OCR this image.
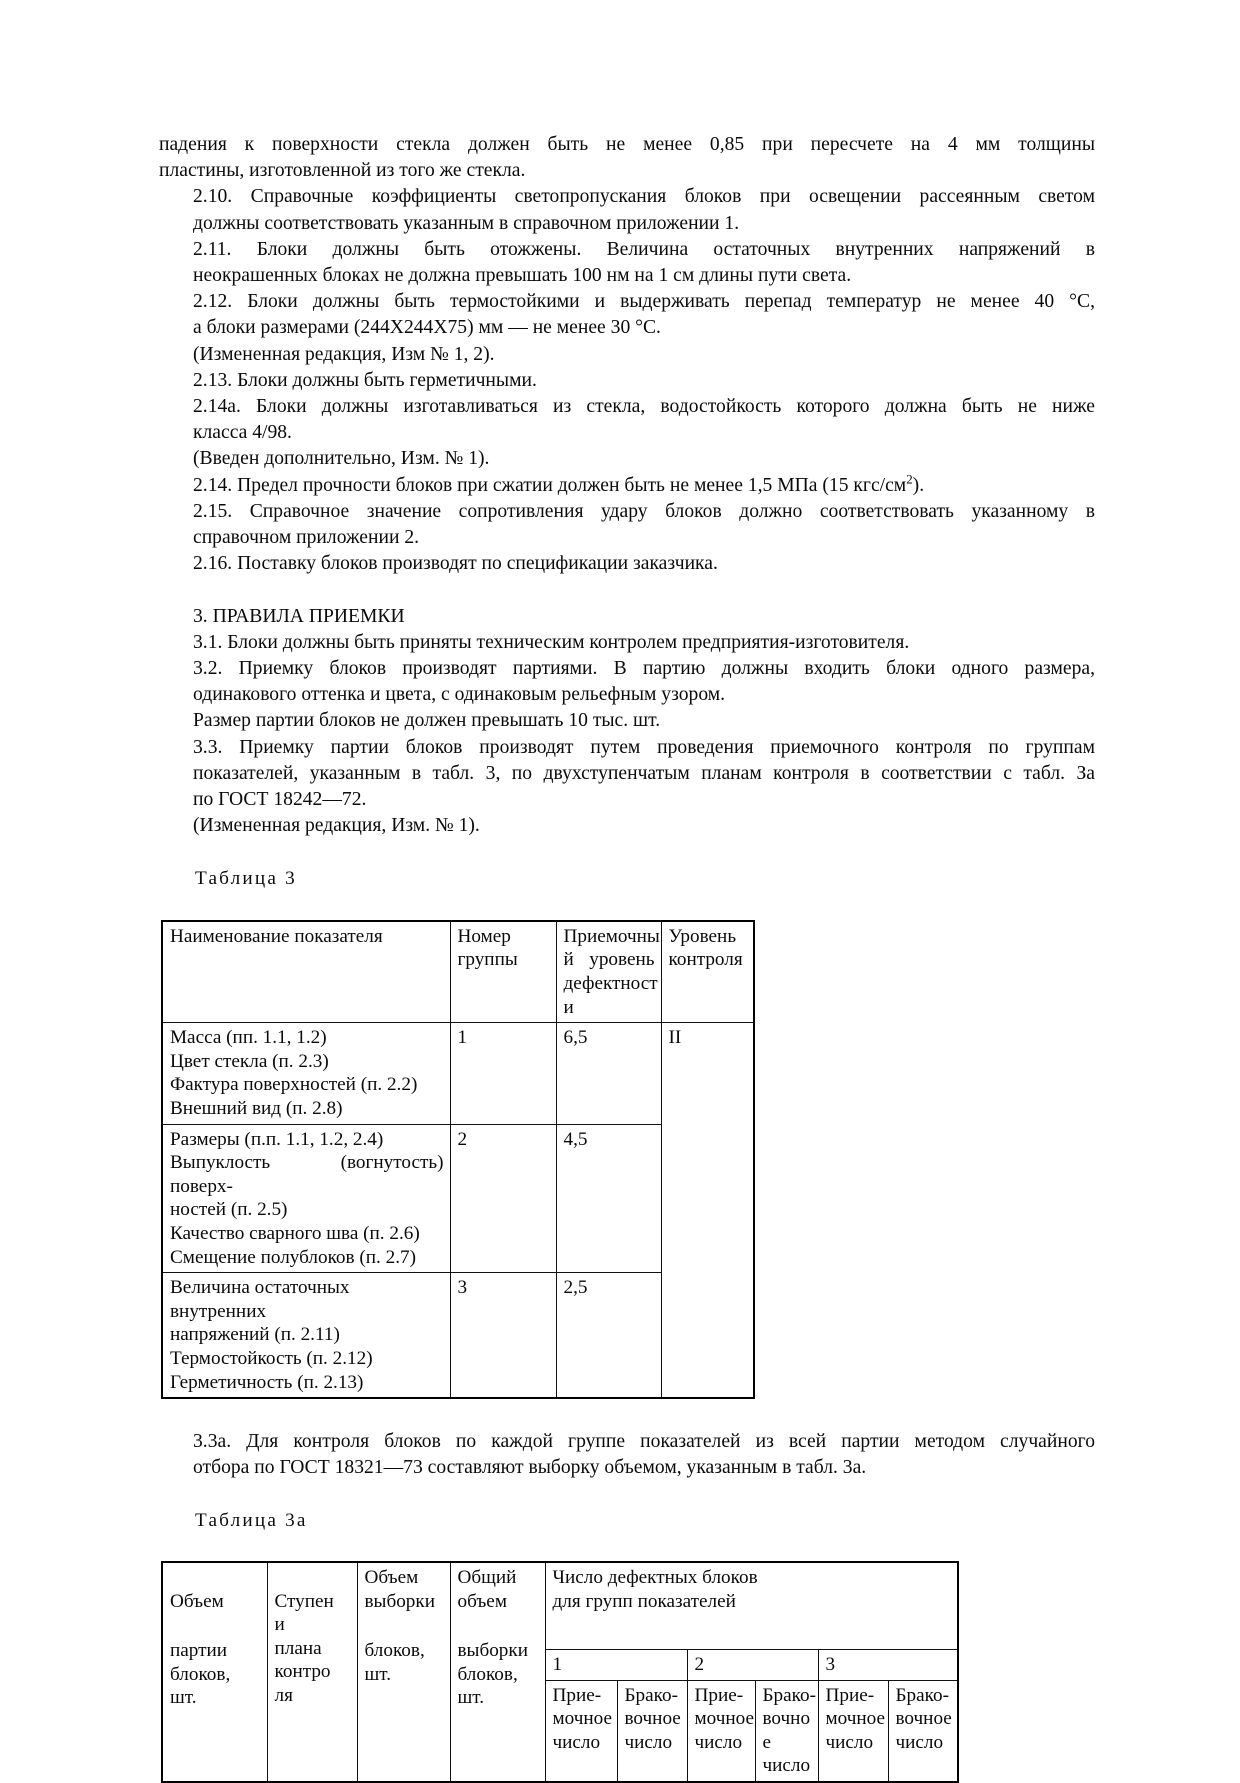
падения к поверхности стекла должен быть не менее 0,85 при пересчете на 4 мм толщины
пластины, изготовленной из того же стекла.

2.10. Справочные коэффициенты светопропускания блоков при освещении рассеянным светом
должны соответствовать указанным в справочном приложении 1.

2.11. Блоки должны быть отожжены. Величина остаточных внутренних напряжений в
неокрашенных блоках не должна превышать 100 нм на 1 см длины пути света.

2.12. Блоки должны быть термостойкими и выдерживать перепад температур не менее 40 °C,
а блоки размерами (244Х244Х75) мм — не менее 30 °C.

(Измененная редакция, Изм № 1, 2).

2.13. Блоки должны быть герметичными.

2.14а. Блоки должны изготавливаться из стекла, водостойкость которого должна быть не ниже
класса 4/98.

(Введен дополнительно, Изм. № 1).

2.14. Предел прочности блоков при сжатии должен быть не менее 1,5 МПа (15 кгс/$см^2$).

2.15. Справочное значение сопротивления удару блоков должно соответствовать указанному в
справочном приложении 2.

2.16. Поставку блоков производят по спецификации заказчика.

3. ПРАВИЛА ПРИЕМКИ

3.1. Блоки должны быть приняты техническим контролем предприятия-изготовителя.

3.2. Приемку блоков производят партиями. В партию должны входить блоки одного размера,
одинакового оттенка и цвета, с одинаковым рельефным узором.

Размер партии блоков не должен превышать 10 тыс. шт.

3.3. Приемку партии блоков производят путем проведения приемочного контроля по группам
показателей, указанным в табл. 3, по двухступенчатым планам контроля в соответствии с табл. За
по ГОСТ 18242—72.

(Измененная редакция, Изм. № 1).

Таблица 3

Наименование показателя	Номер
группы	Приемочны
й уровень
дефектност
и	Уровень
контроля

Масса (пп. 1.1, 1.2)
Цвет стекла (п. 2.3)
Фактура поверхностей (п. 2.2)
Внешний вид (п. 2.8)	1	6,5	II

Размеры (п.п. 1.1, 1.2, 2.4)
Выпуклость (вогнутость) поверх-
ностей (п. 2.5)
Качество сварного шва (п. 2.6)
Смещение полублоков (п. 2.7)	2	4,5	

Величина остаточных внутренних
напряжений (п. 2.11)
Термостойкость (п. 2.12)
Герметичность (п. 2.13)	3	2,5	

3.3а. Для контроля блоков по каждой группе показателей из всей партии методом случайного
отбора по ГОСТ 18321—73 составляют выборку объемом, указанным в табл. 3а.

Таблица 3а

Объем
партии
блоков,
шт.	Ступен
и
плана
контро
ля	Объем
выборки
блоков,
шт.	Общий
объем
выборки
блоков,
шт.	Число дефектных блоков
для групп показателей					

				1		2		3	

				Прие-
мочное
число	Брако-
вочное
число	Прие-
мочное
число	Брако-
вочно
е
число	Прие-
мочное
число	Брако-
вочное
число
